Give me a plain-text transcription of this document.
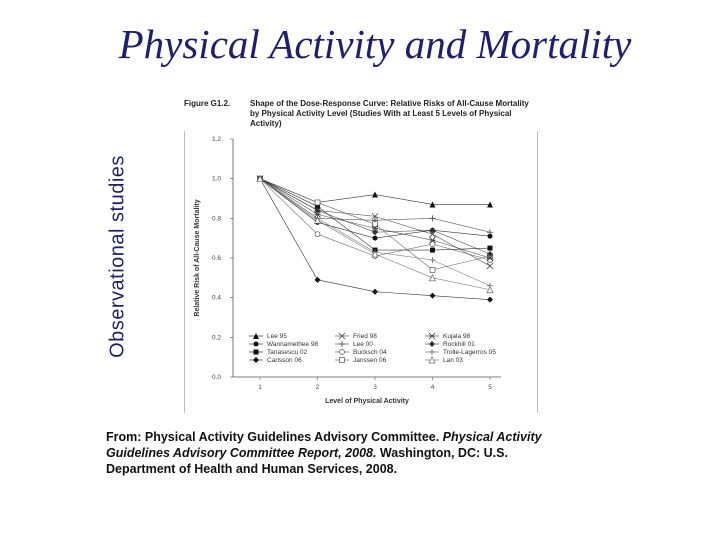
Physical Activity and Mortality
Observational studies
Figure G1.2. Shape of the Dose-Response Curve: Relative Risks of All-Cause Mortality by Physical Activity Level (Studies With at Least 5 Levels of Physical Activity)
0.0
0.2
0.4
0.6
0.8
1.0
1.2
1	2	3	4	5
Level of Physical Activity
Relative Risk of All-Cause Mortality
Lee 95
Wannamethee 98
Tanasescu 02
Carlsson 06
Fried 98
Lee 00
Bucksch 04
Janssen 06
Kujala 98
Rockhill 01
Trolle-Lagerros 05
Lan 03
From: Physical Activity Guidelines Advisory Committee. Physical Activity Guidelines Advisory Committee Report, 2008. Washington, DC: U.S. Department of Health and Human Services, 2008.
